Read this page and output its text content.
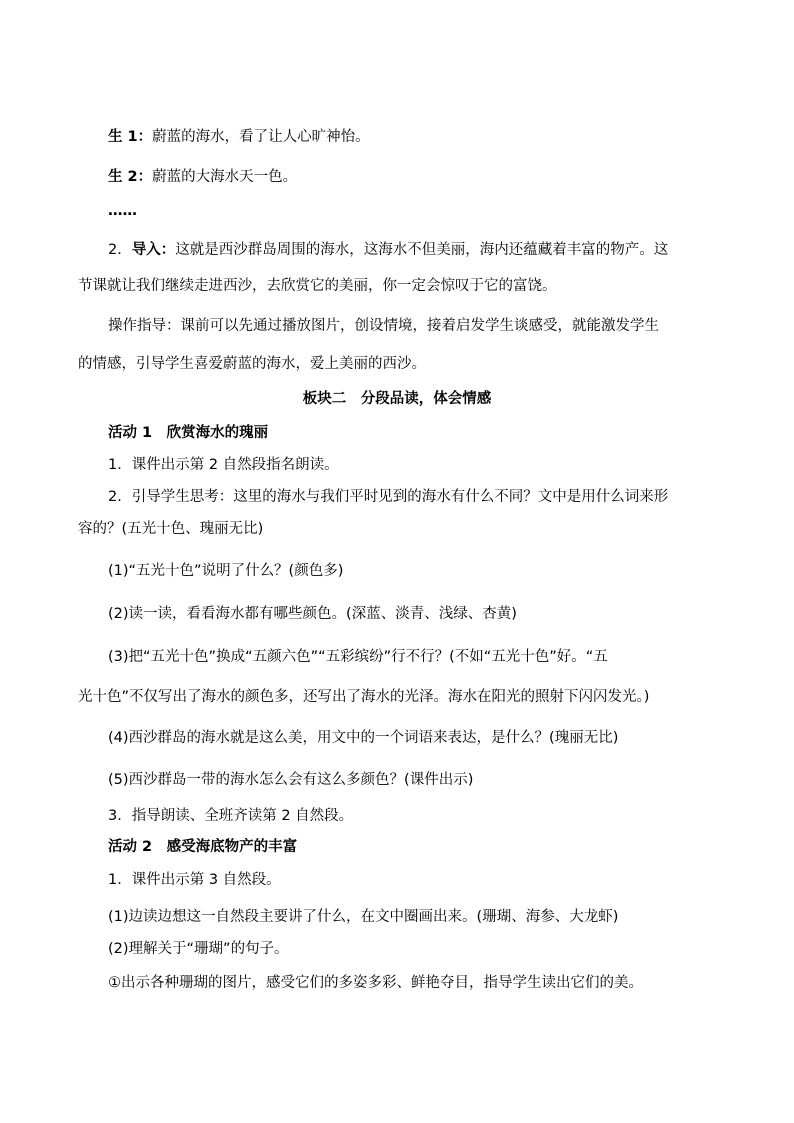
生 1：蔚蓝的海水，看了让人心旷神怡。
生 2：蔚蓝的大海水天一色。
……
2．导入：这就是西沙群岛周围的海水，这海水不但美丽，海内还蕴藏着丰富的物产。这
节课就让我们继续走进西沙，去欣赏它的美丽，你一定会惊叹于它的富饶。
操作指导：课前可以先通过播放图片，创设情境，接着启发学生谈感受，就能激发学生
的情感，引导学生喜爱蔚蓝的海水，爱上美丽的西沙。
板块二　分段品读，体会情感
活动 1　欣赏海水的瑰丽
1．课件出示第 2 自然段指名朗读。
2．引导学生思考：这里的海水与我们平时见到的海水有什么不同？文中是用什么词来形
容的？(五光十色、瑰丽无比)
(1)“五光十色”说明了什么？(颜色多)
(2)读一读，看看海水都有哪些颜色。(深蓝、淡青、浅绿、杏黄)
(3)把“五光十色”换成“五颜六色”“五彩缤纷”行不行？(不如“五光十色”好。“五
光十色”不仅写出了海水的颜色多，还写出了海水的光泽。海水在阳光的照射下闪闪发光。)
(4)西沙群岛的海水就是这么美，用文中的一个词语来表达，是什么？(瑰丽无比)
(5)西沙群岛一带的海水怎么会有这么多颜色？(课件出示)
3．指导朗读、全班齐读第 2 自然段。
活动 2　感受海底物产的丰富
1．课件出示第 3 自然段。
(1)边读边想这一自然段主要讲了什么，在文中圈画出来。(珊瑚、海参、大龙虾)
(2)理解关于“珊瑚”的句子。
①出示各种珊瑚的图片，感受它们的多姿多彩、鲜艳夺目，指导学生读出它们的美。
